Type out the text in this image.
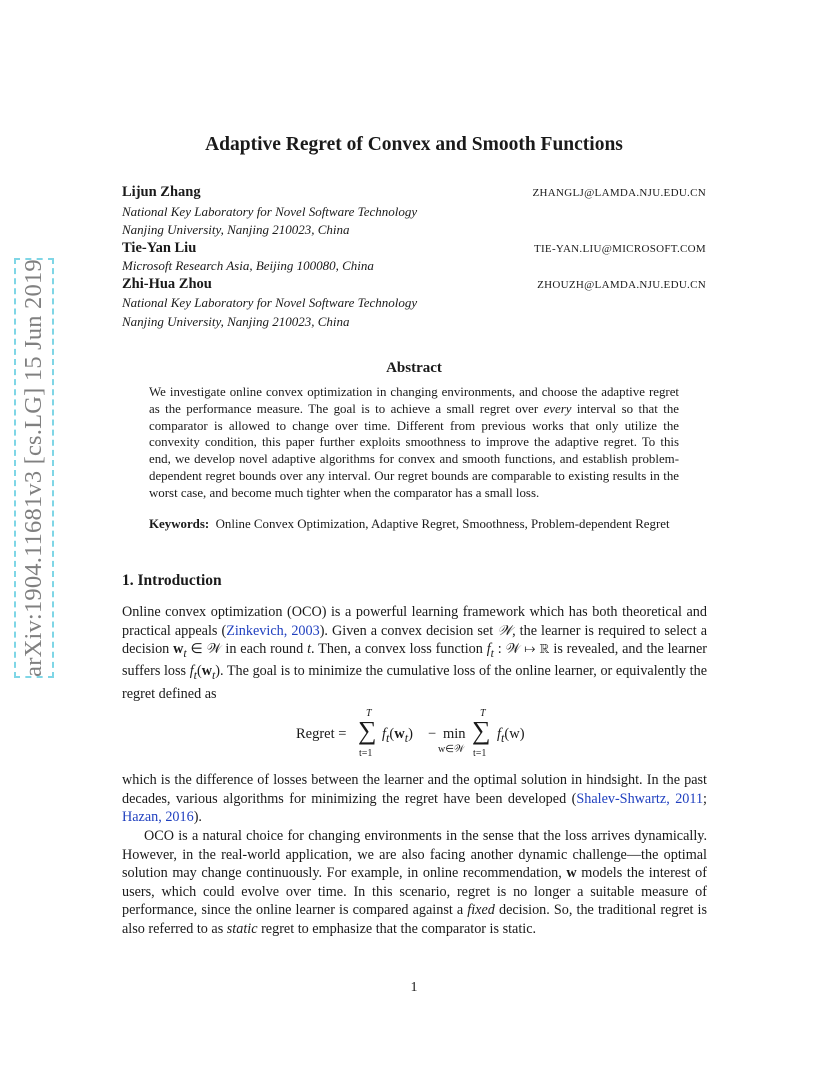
arXiv:1904.11681v3 [cs.LG] 15 Jun 2019
Adaptive Regret of Convex and Smooth Functions
Lijun Zhang	ZHANGLJ@LAMDA.NJU.EDU.CN
National Key Laboratory for Novel Software Technology
Nanjing University, Nanjing 210023, China
Tie-Yan Liu	TIE-YAN.LIU@MICROSOFT.COM
Microsoft Research Asia, Beijing 100080, China
Zhi-Hua Zhou	ZHOUZH@LAMDA.NJU.EDU.CN
National Key Laboratory for Novel Software Technology
Nanjing University, Nanjing 210023, China
Abstract
We investigate online convex optimization in changing environments, and choose the adaptive regret as the performance measure. The goal is to achieve a small regret over every interval so that the comparator is allowed to change over time. Different from previous works that only utilize the convexity condition, this paper further exploits smoothness to improve the adaptive regret. To this end, we develop novel adaptive algorithms for convex and smooth functions, and establish problem-dependent regret bounds over any interval. Our regret bounds are comparable to existing results in the worst case, and become much tighter when the comparator has a small loss.
Keywords: Online Convex Optimization, Adaptive Regret, Smoothness, Problem-dependent Regret
1. Introduction
Online convex optimization (OCO) is a powerful learning framework which has both theoretical and practical appeals (Zinkevich, 2003). Given a convex decision set 𝒲, the learner is required to select a decision $w_t$ ∈ 𝒲 in each round t. Then, a convex loss function $f_t$ : 𝒲 ↦ ℝ is revealed, and the learner suffers loss $f_t(w_t)$. The goal is to minimize the cumulative loss of the online learner, or equivalently the regret defined as
Regret =
T
∑
t=1
$f_t(w_t) - \min$
w∈𝒲
T
∑
t=1
$f_t(w)$
which is the difference of losses between the learner and the optimal solution in hindsight. In the past decades, various algorithms for minimizing the regret have been developed (Shalev-Shwartz, 2011; Hazan, 2016).
OCO is a natural choice for changing environments in the sense that the loss arrives dynamically. However, in the real-world application, we are also facing another dynamic challenge—the optimal solution may change continuously. For example, in online recommendation, w models the interest of users, which could evolve over time. In this scenario, regret is no longer a suitable measure of performance, since the online learner is compared against a fixed decision. So, the traditional regret is also referred to as static regret to emphasize that the comparator is static.
1
